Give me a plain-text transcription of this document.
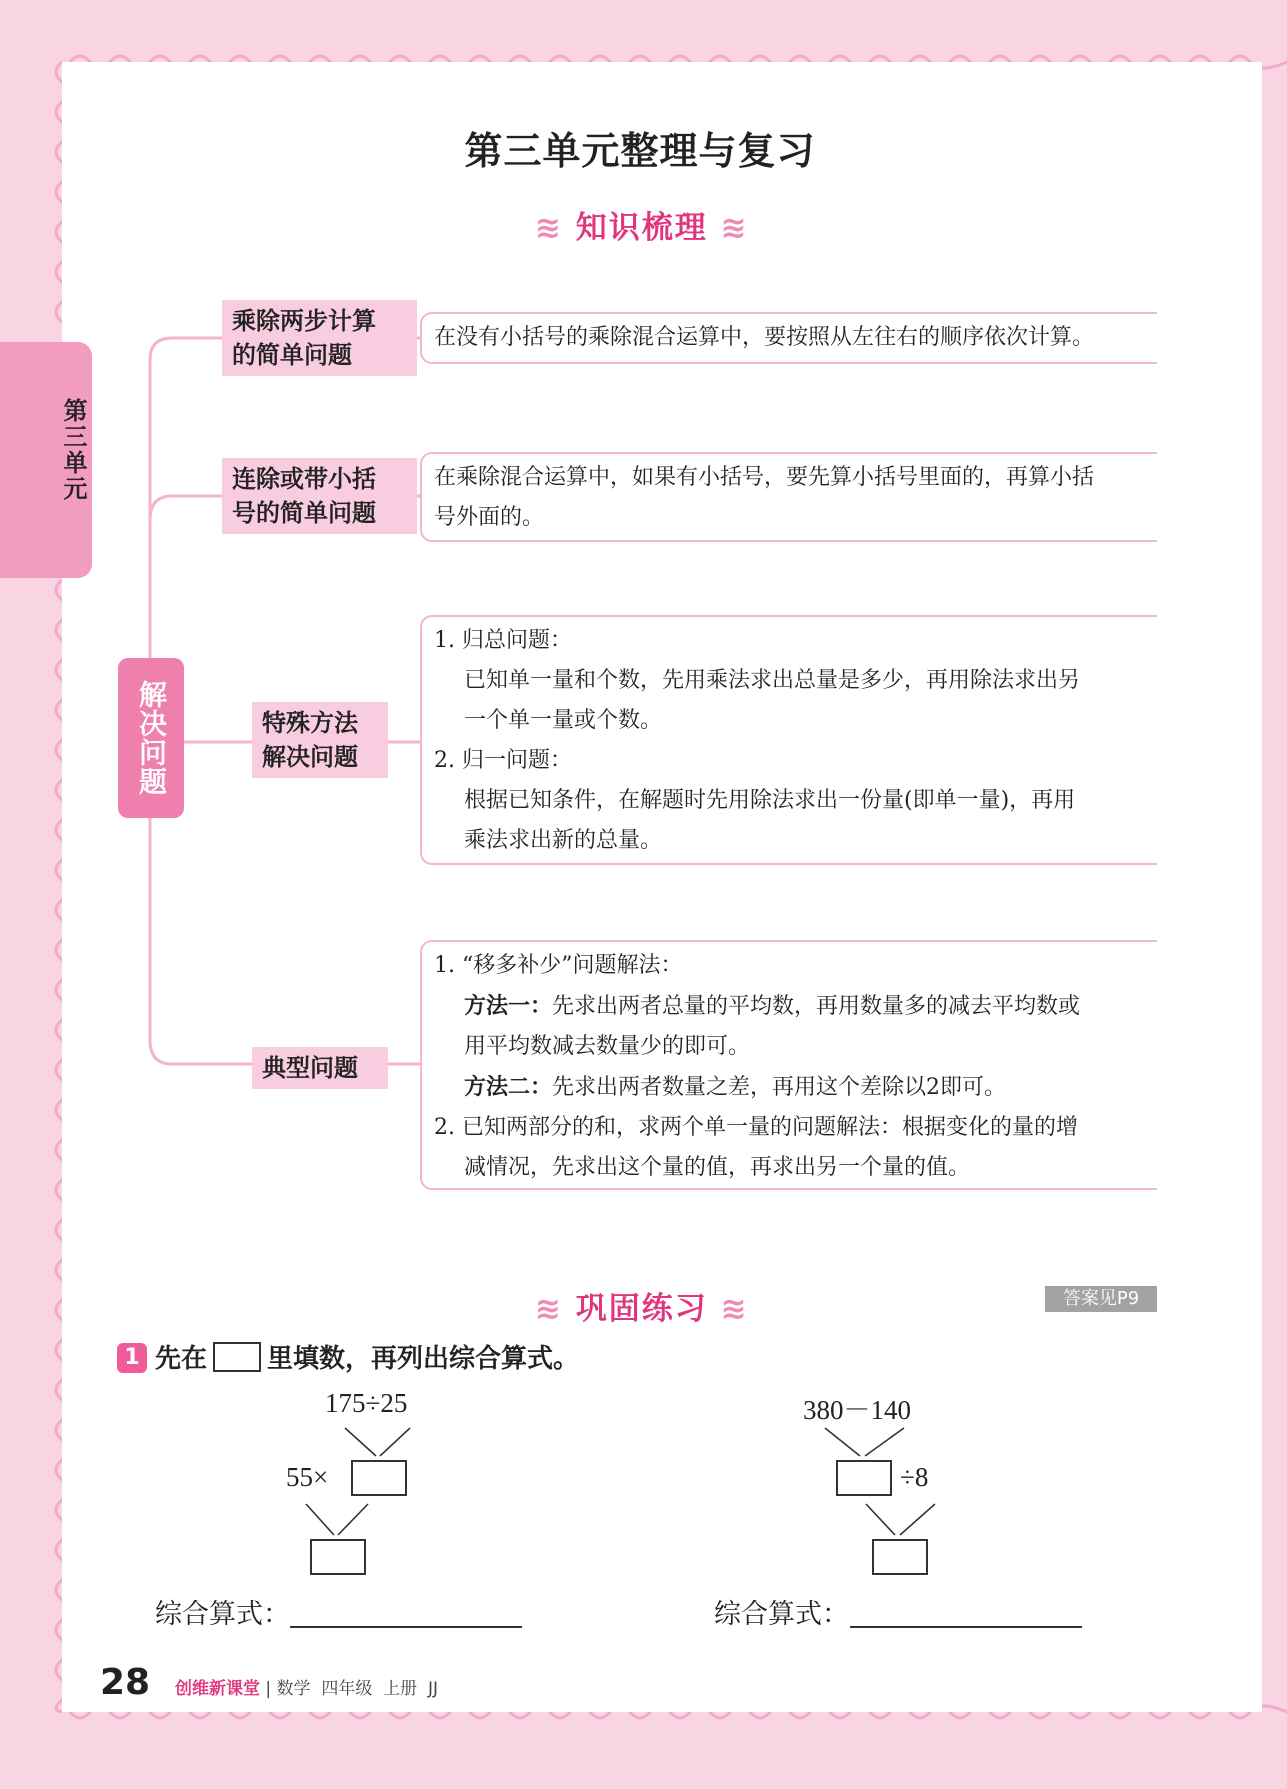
第三单元
第三单元整理与复习
≋ 知识梳理 ≋
解决问题
乘除两步计算
的简单问题
在没有小括号的乘除混合运算中，要按照从左往右的顺序依次计算。
连除或带小括
号的简单问题
在乘除混合运算中，如果有小括号，要先算小括号里面的，再算小括
号外面的。
特殊方法
解决问题
1. 归总问题：
已知单一量和个数，先用乘法求出总量是多少，再用除法求出另
一个单一量或个数。
2. 归一问题：
根据已知条件，在解题时先用除法求出一份量(即单一量)，再用
乘法求出新的总量。
典型问题
1. “移多补少”问题解法：
方法一：先求出两者总量的平均数，再用数量多的减去平均数或
用平均数减去数量少的即可。
方法二：先求出两者数量之差，再用这个差除以2即可。
2. 已知两部分的和，求两个单一量的问题解法：根据变化的量的增
减情况，先求出这个量的值，再求出另一个量的值。
≋ 巩固练习 ≋	答案见P9
1 先在 里填数，再列出综合算式。
175÷25
55×
综合算式：
380－140
÷8
综合算式：
28 创维新课堂 | 数学 四年级 上册 JJ
